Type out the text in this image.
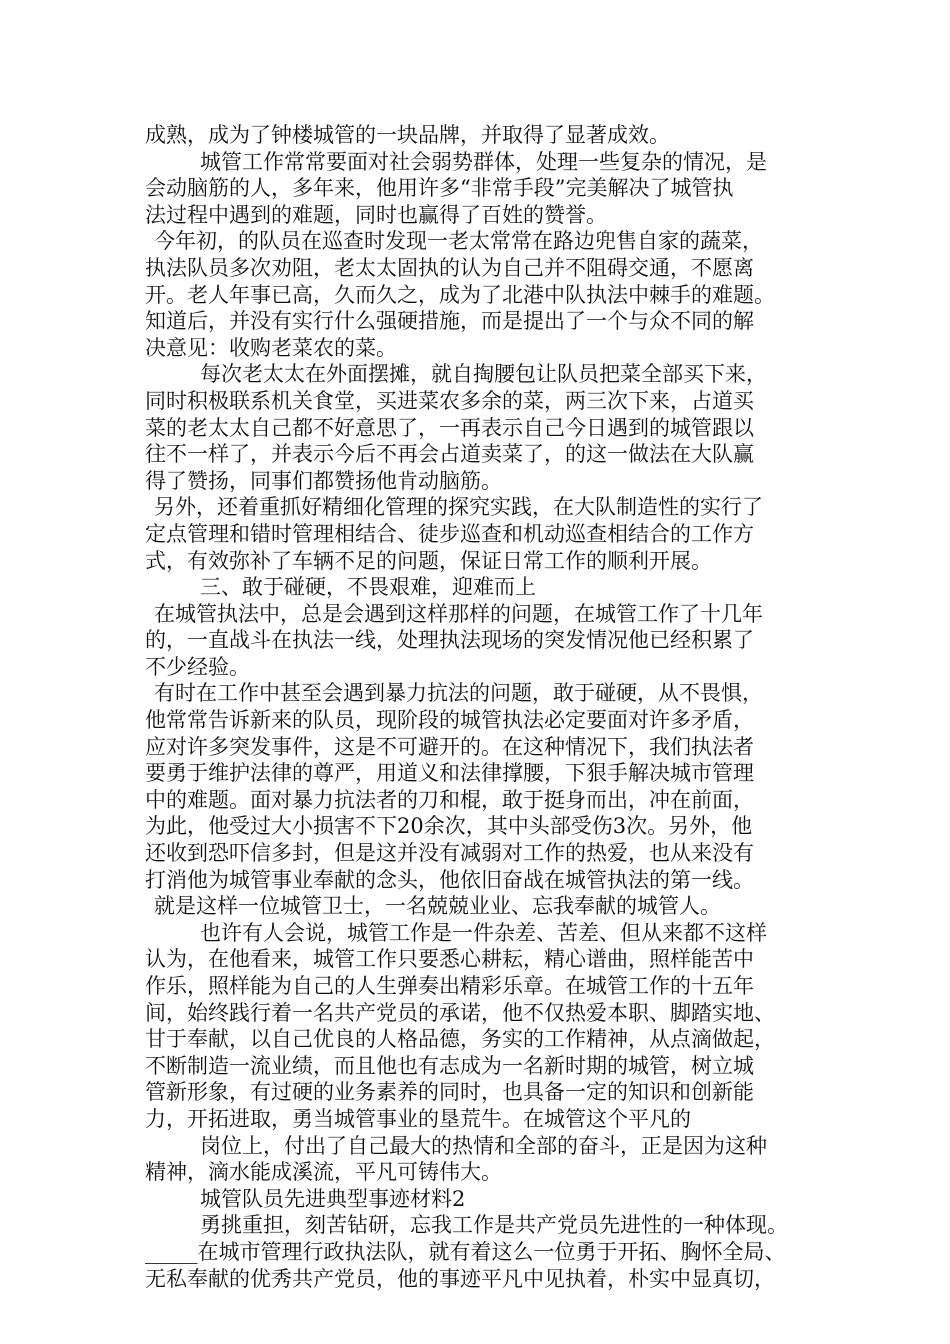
成熟，成为了钟楼城管的一块品牌，并取得了显著成效。
城管工作常常要面对社会弱势群体，处理一些复杂的情况，是
会动脑筋的人，多年来，他用许多“非常手段”完美解决了城管执
法过程中遇到的难题，同时也赢得了百姓的赞誉。
今年初，的队员在巡查时发现一老太常常在路边兜售自家的蔬菜，
执法队员多次劝阻，老太太固执的认为自己并不阻碍交通，不愿离
开。老人年事已高，久而久之，成为了北港中队执法中棘手的难题。
知道后，并没有实行什么强硬措施，而是提出了一个与众不同的解
决意见：收购老菜农的菜。
每次老太太在外面摆摊，就自掏腰包让队员把菜全部买下来，
同时积极联系机关食堂，买进菜农多余的菜，两三次下来，占道买
菜的老太太自己都不好意思了，一再表示自己今日遇到的城管跟以
往不一样了，并表示今后不再会占道卖菜了，的这一做法在大队赢
得了赞扬，同事们都赞扬他肯动脑筋。
另外，还着重抓好精细化管理的探究实践，在大队制造性的实行了
定点管理和错时管理相结合、徒步巡查和机动巡查相结合的工作方
式，有效弥补了车辆不足的问题，保证日常工作的顺利开展。
三、敢于碰硬，不畏艰难，迎难而上
在城管执法中，总是会遇到这样那样的问题，在城管工作了十几年
的，一直战斗在执法一线，处理执法现场的突发情况他已经积累了
不少经验。
有时在工作中甚至会遇到暴力抗法的问题，敢于碰硬，从不畏惧，
他常常告诉新来的队员，现阶段的城管执法必定要面对许多矛盾，
应对许多突发事件，这是不可避开的。在这种情况下，我们执法者
要勇于维护法律的尊严，用道义和法律撑腰，下狠手解决城市管理
中的难题。面对暴力抗法者的刀和棍，敢于挺身而出，冲在前面，
为此，他受过大小损害不下20余次，其中头部受伤3次。另外，他
还收到恐吓信多封，但是这并没有减弱对工作的热爱，也从来没有
打消他为城管事业奉献的念头，他依旧奋战在城管执法的第一线。
就是这样一位城管卫士，一名兢兢业业、忘我奉献的城管人。
也许有人会说，城管工作是一件杂差、苦差、但从来都不这样
认为，在他看来，城管工作只要悉心耕耘，精心谱曲，照样能苦中
作乐，照样能为自己的人生弹奏出精彩乐章。在城管工作的十五年
间，始终践行着一名共产党员的承诺，他不仅热爱本职、脚踏实地、
甘于奉献，以自己优良的人格品德，务实的工作精神，从点滴做起，
不断制造一流业绩，而且他也有志成为一名新时期的城管，树立城
管新形象，有过硬的业务素养的同时，也具备一定的知识和创新能
力，开拓进取，勇当城管事业的垦荒牛。在城管这个平凡的
岗位上，付出了自己最大的热情和全部的奋斗，正是因为这种
精神，滴水能成溪流，平凡可铸伟大。
城管队员先进典型事迹材料2
勇挑重担，刻苦钻研，忘我工作是共产党员先进性的一种体现。
_____在城市管理行政执法队，就有着这么一位勇于开拓、胸怀全局、
无私奉献的优秀共产党员，他的事迹平凡中见执着，朴实中显真切，
